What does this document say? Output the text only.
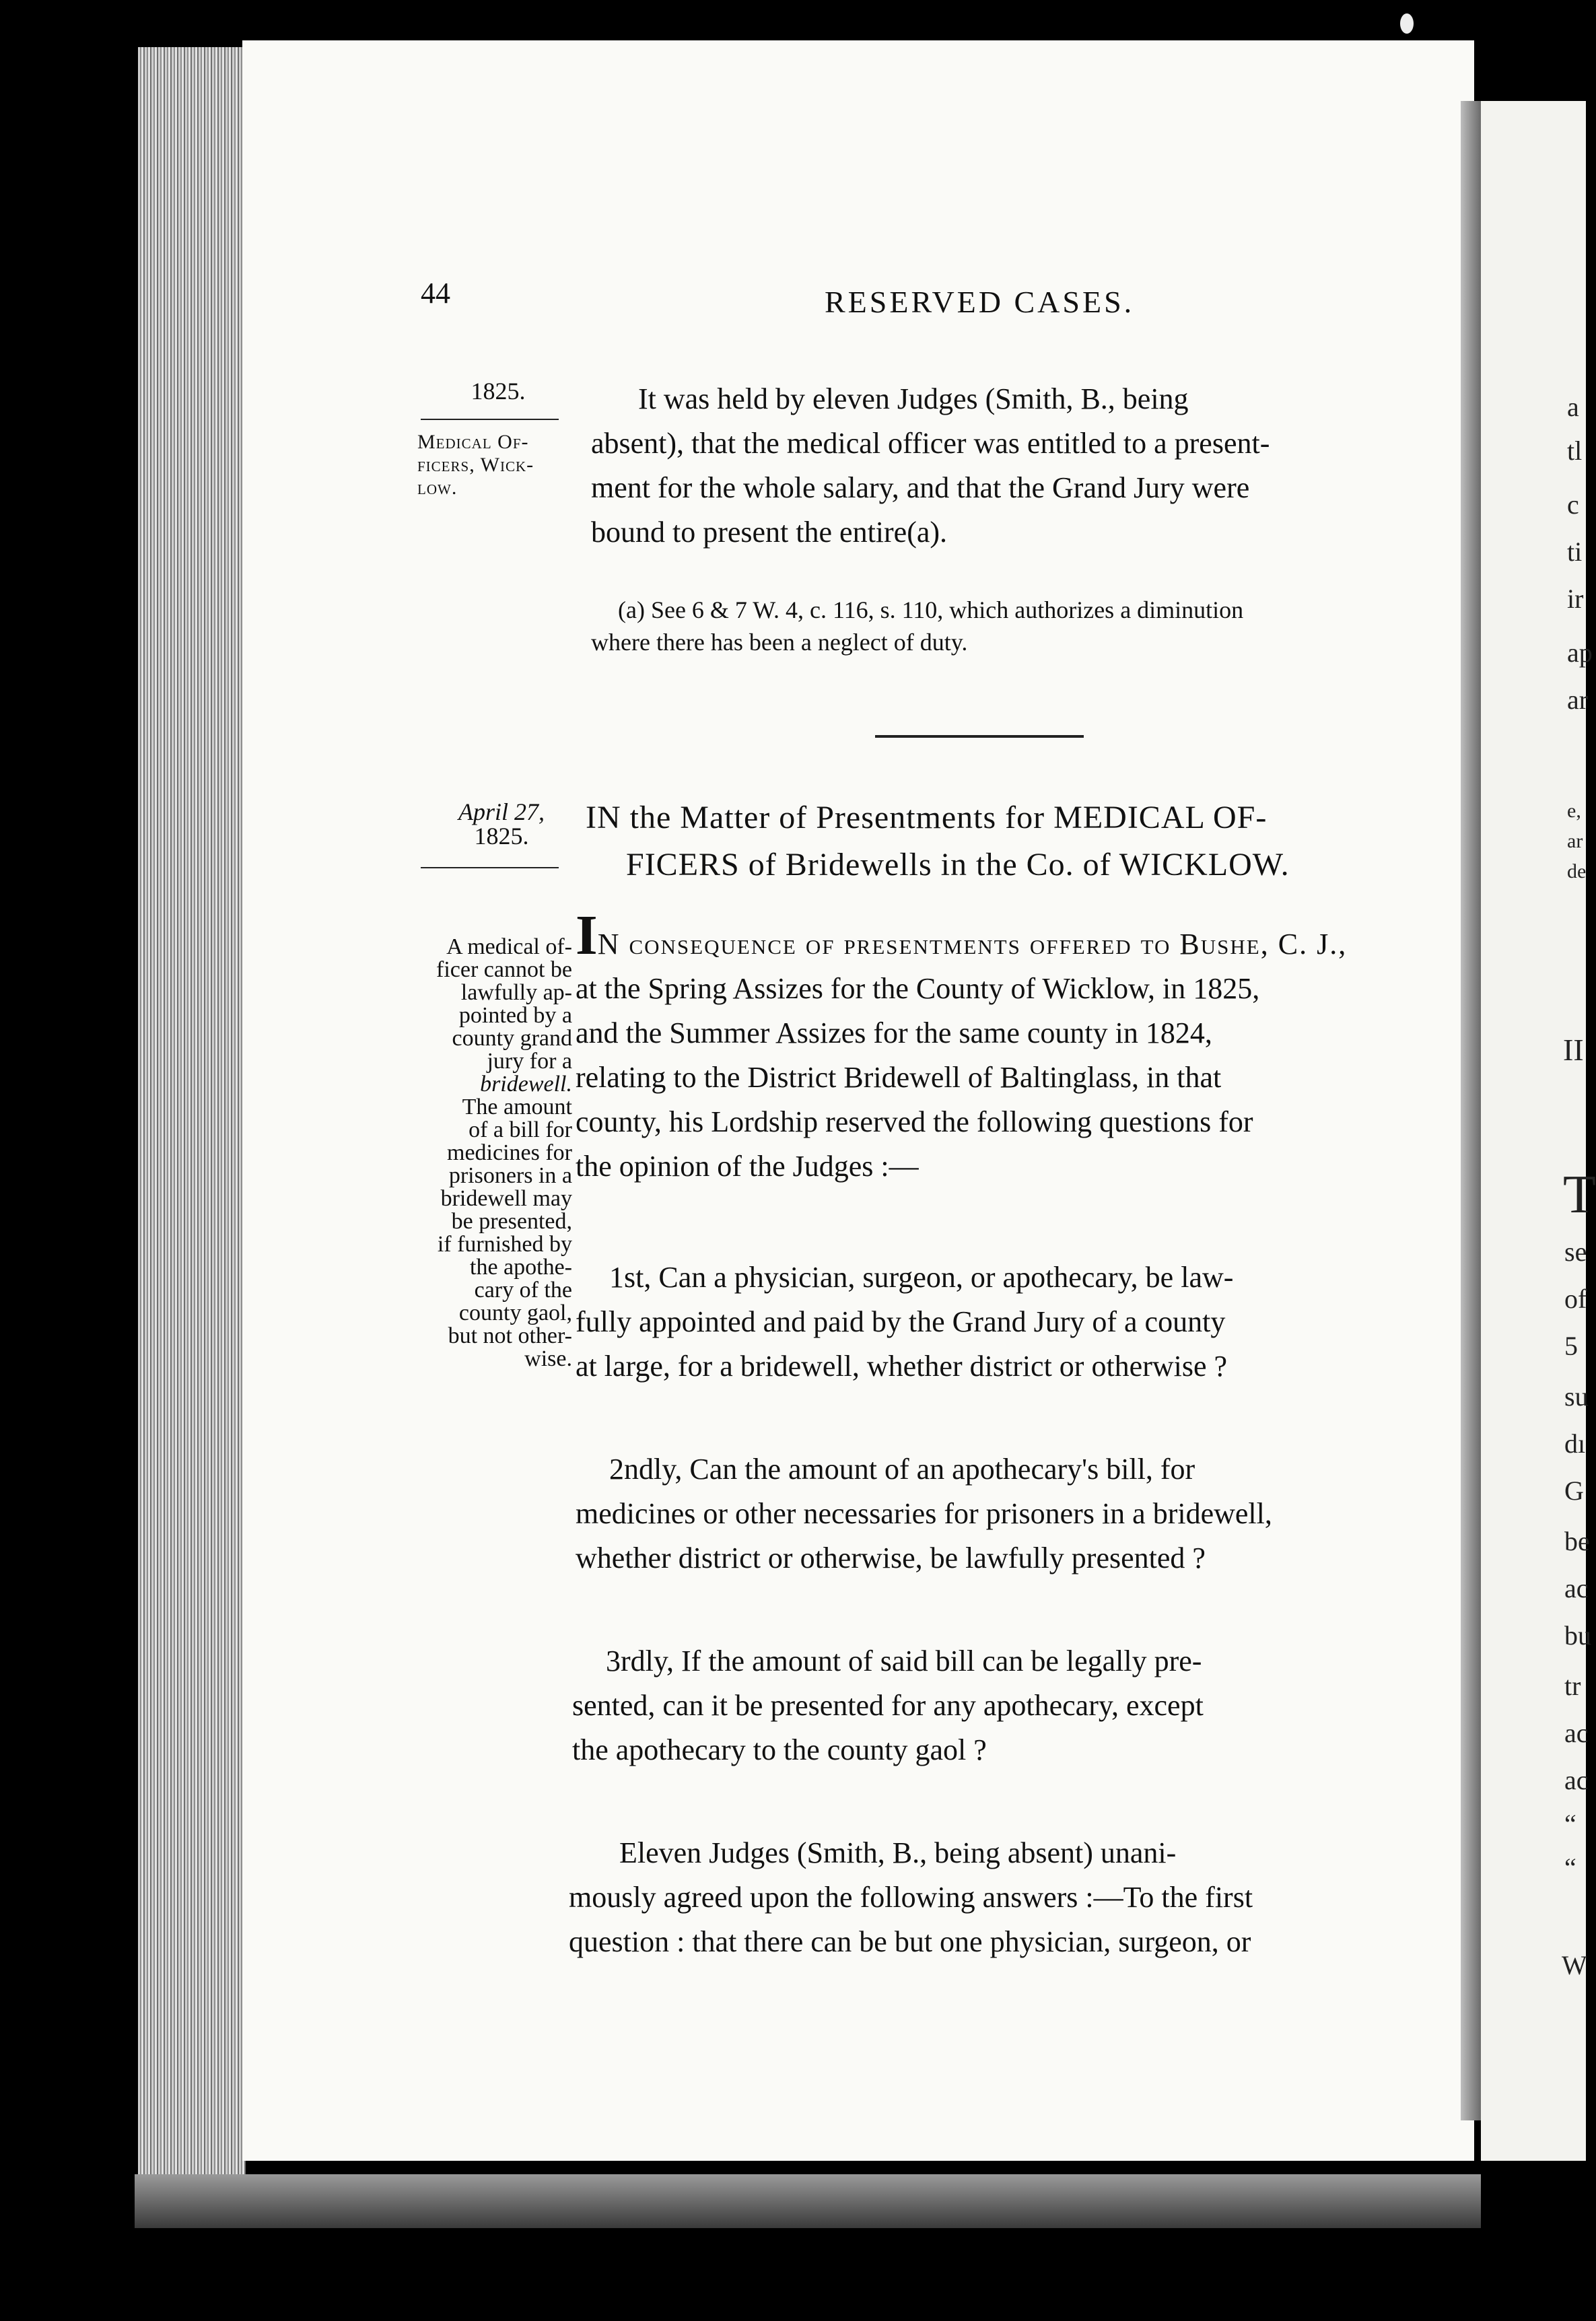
44	RESERVED CASES.
1825.
Medical Of-
ficers, Wick-
low.
It was held by eleven Judges (Smith, B., being
absent), that the medical officer was entitled to a present-
ment for the whole salary, and that the Grand Jury were
bound to present the entire(a).
(a) See 6 & 7 W. 4, c. 116, s. 110, which authorizes a diminution
where there has been a neglect of duty.
April 27,
1825.
IN the Matter of Presentments for MEDICAL OF-
FICERS of Bridewells in the Co. of WICKLOW.
A medical of-
ficer cannot be
lawfully ap-
pointed by a
county grand
jury for a
bridewell.
The amount
of a bill for
medicines for
prisoners in a
bridewell may
be presented,
if furnished by
the apothe-
cary of the
county gaol,
but not other-
wise.
IN consequence of presentments offered to Bushe, C. J.,
at the Spring Assizes for the County of Wicklow, in 1825,
and the Summer Assizes for the same county in 1824,
relating to the District Bridewell of Baltinglass, in that
county, his Lordship reserved the following questions for
the opinion of the Judges :—
1st, Can a physician, surgeon, or apothecary, be law-
fully appointed and paid by the Grand Jury of a county
at large, for a bridewell, whether district or otherwise ?
2ndly, Can the amount of an apothecary's bill, for
medicines or other necessaries for prisoners in a bridewell,
whether district or otherwise, be lawfully presented ?
3rdly, If the amount of said bill can be legally pre-
sented, can it be presented for any apothecary, except
the apothecary to the county gaol ?
Eleven Judges (Smith, B., being absent) unani-
mously agreed upon the following answers :—To the first
question : that there can be but one physician, surgeon, or
a
tl
c
ti
ir
ap
ar
e,
ar
de
II
T
se
of
5
su
dı
G
be
ac
bu
tr
ac
ac
“
“
W
